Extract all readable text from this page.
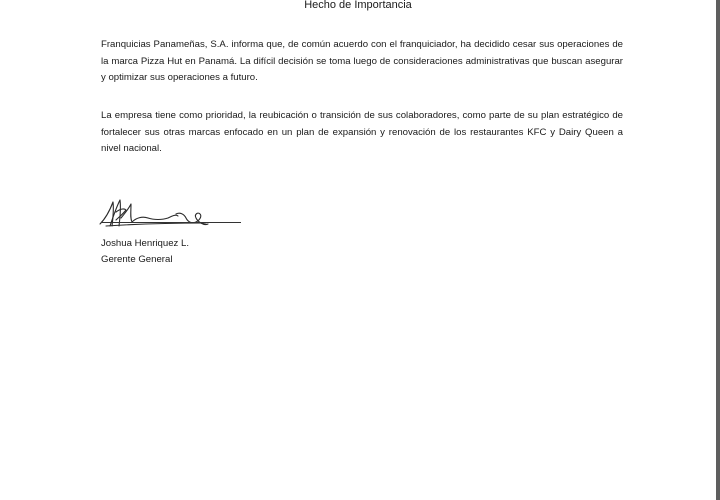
Hecho de Importancia

Franquicias Panameñas, S.A. informa que, de común acuerdo con el franquiciador, ha decidido cesar sus operaciones de la marca Pizza Hut en Panamá. La difícil decisión se toma luego de consideraciones administrativas que buscan asegurar y optimizar sus operaciones a futuro.

La empresa tiene como prioridad, la reubicación o transición de sus colaboradores, como parte de su plan estratégico de fortalecer sus otras marcas enfocado en un plan de expansión y renovación de los restaurantes KFC y Dairy Queen a nivel nacional.

Joshua Henriquez L.
Gerente General
